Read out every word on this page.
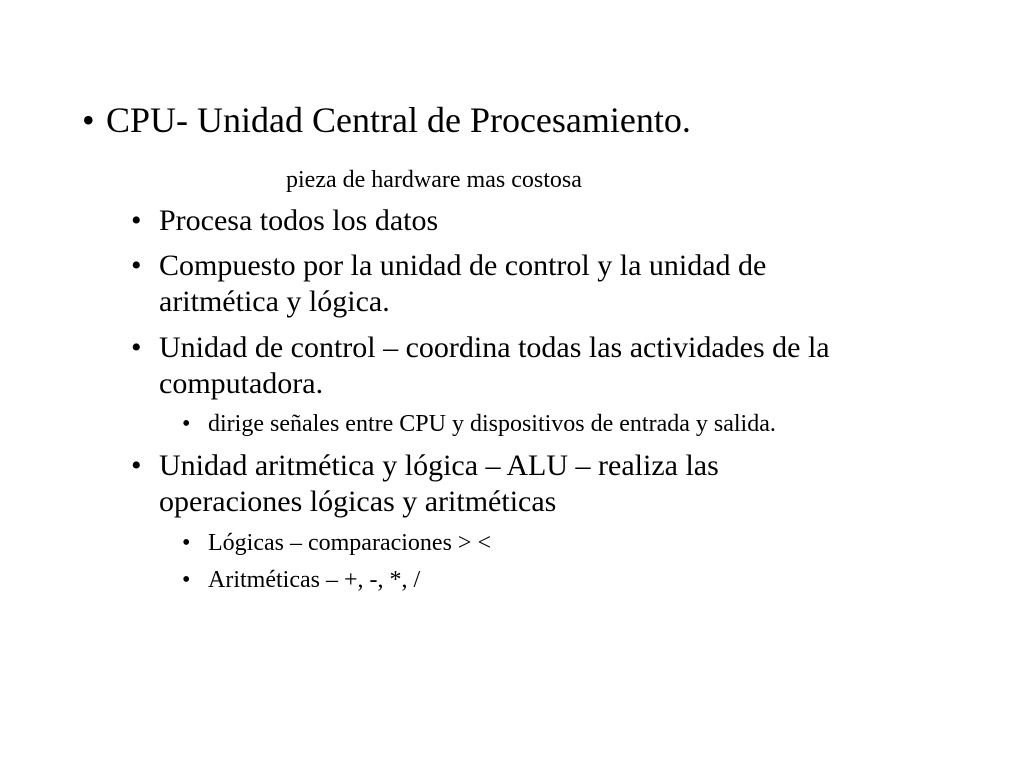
• CPU- Unidad Central de Procesamiento.
pieza de hardware mas costosa
• Procesa todos los datos
• Compuesto por la unidad de control y la unidad de
aritmética y lógica.
• Unidad de control – coordina todas las actividades de la
computadora.
• dirige señales entre CPU y dispositivos de entrada y salida.
• Unidad aritmética y lógica – ALU – realiza las
operaciones lógicas y aritméticas
• Lógicas – comparaciones > <
• Aritméticas – +, -, *, /
